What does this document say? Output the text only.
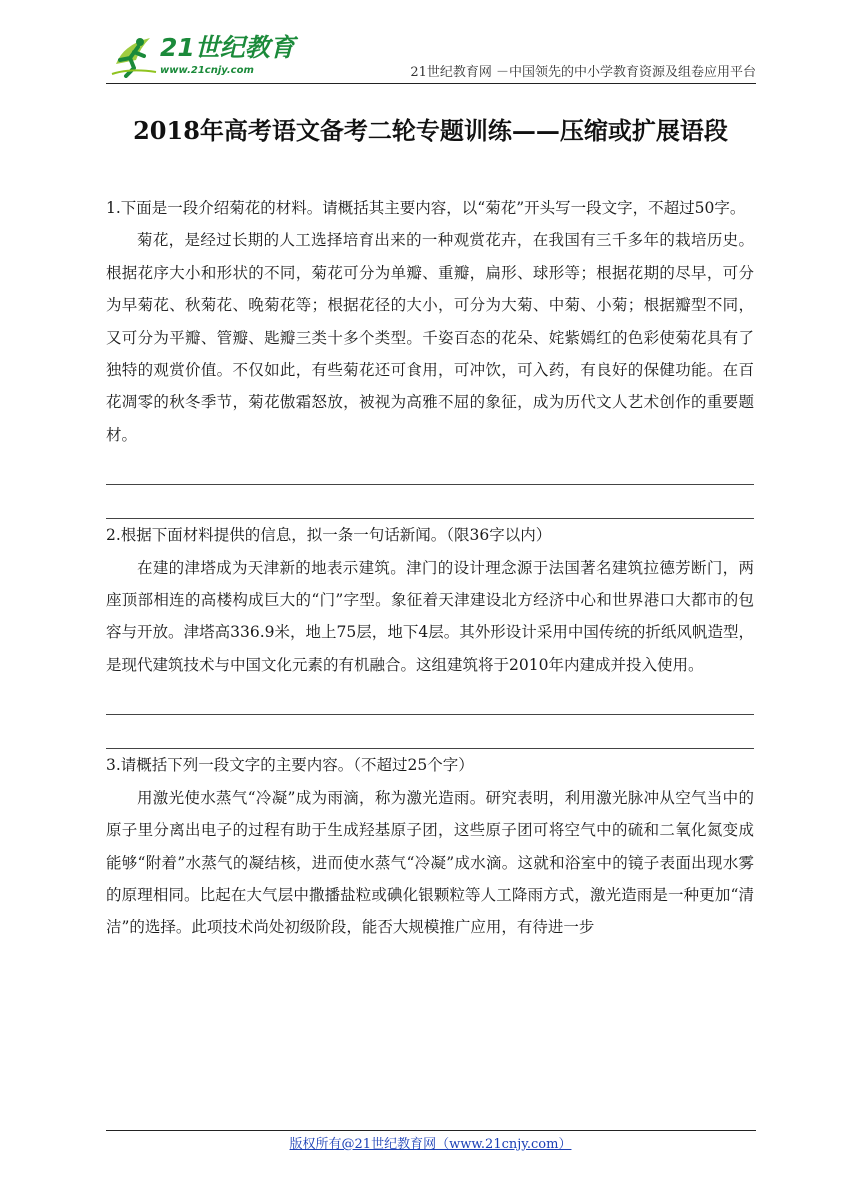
21世纪教育
www.21cnjy.com	21世纪教育网 －中国领先的中小学教育资源及组卷应用平台
2018年高考语文备考二轮专题训练——压缩或扩展语段

1.下面是一段介绍菊花的材料。请概括其主要内容，以“菊花”开头写一段文字，不超过50字。

菊花，是经过长期的人工选择培育出来的一种观赏花卉，在我国有三千多年的栽培历史。根据花序大小和形状的不同，菊花可分为单瓣、重瓣，扁形、球形等；根据花期的尽早，可分为早菊花、秋菊花、晚菊花等；根据花径的大小，可分为大菊、中菊、小菊；根据瓣型不同，又可分为平瓣、管瓣、匙瓣三类十多个类型。千姿百态的花朵、姹紫嫣红的色彩使菊花具有了独特的观赏价值。不仅如此，有些菊花还可食用，可冲饮，可入药，有良好的保健功能。在百花凋零的秋冬季节，菊花傲霜怒放，被视为高雅不屈的象征，成为历代文人艺术创作的重要题材。

2.根据下面材料提供的信息，拟一条一句话新闻。（限36字以内）

在建的津塔成为天津新的地表示建筑。津门的设计理念源于法国著名建筑拉德芳断门，两座顶部相连的高楼构成巨大的“门”字型。象征着天津建设北方经济中心和世界港口大都市的包容与开放。津塔高336.9米，地上75层，地下4层。其外形设计采用中国传统的折纸风帆造型，是现代建筑技术与中国文化元素的有机融合。这组建筑将于2010年内建成并投入使用。

3.请概括下列一段文字的主要内容。（不超过25个字）

用激光使水蒸气“冷凝”成为雨滴，称为激光造雨。研究表明，利用激光脉冲从空气当中的原子里分离出电子的过程有助于生成羟基原子团，这些原子团可将空气中的硫和二氧化氮变成能够“附着”水蒸气的凝结核，进而使水蒸气“冷凝”成水滴。这就和浴室中的镜子表面出现水雾的原理相同。比起在大气层中撒播盐粒或碘化银颗粒等人工降雨方式，激光造雨是一种更加“清洁”的选择。此项技术尚处初级阶段，能否大规模推广应用，有待进一步

版权所有@21世纪教育网（www.21cnjy.com）
